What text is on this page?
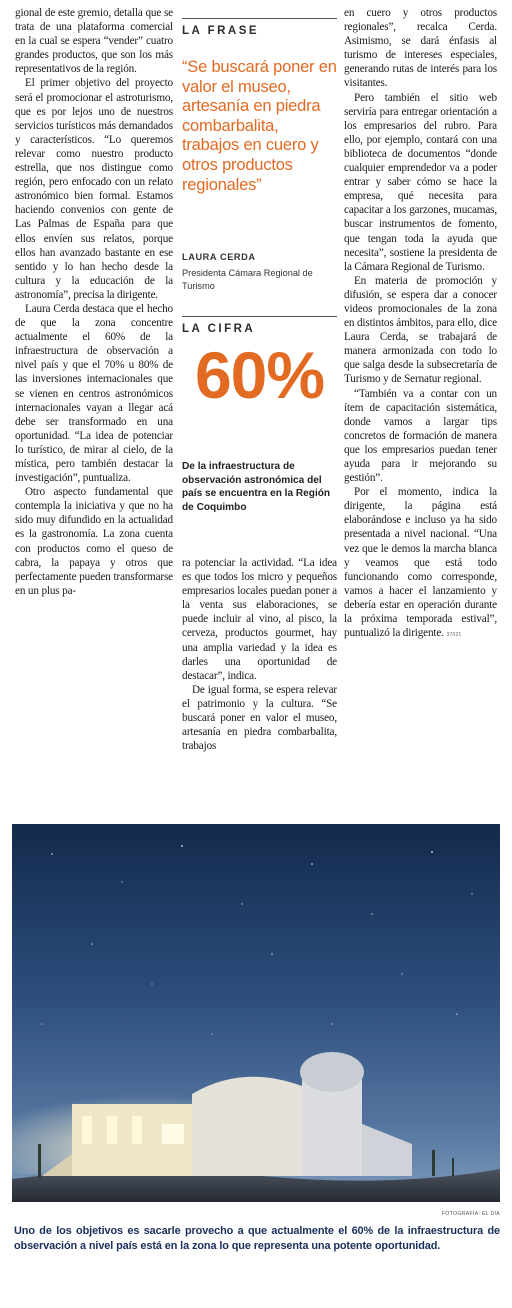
gional de este gremio, detalla que se trata de una plataforma comercial en la cual se espera “vender” cuatro grandes productos, que son los más representativos de la región.

El primer objetivo del proyecto será el promocionar el astroturismo, que es por lejos uno de nuestros servicios turísticos más demandados y característicos. “Lo queremos relevar como nuestro producto estrella, que nos distingue como región, pero enfocado con un relato astronómico bien formal. Estamos haciendo convenios con gente de Las Palmas de España para que ellos envíen sus relatos, porque ellos han avanzado bastante en ese sentido y lo han hecho desde la cultura y la educación de la astronomía”, precisa la dirigente.

Laura Cerda destaca que el hecho de que la zona concentre actualmente el 60% de la infraestructura de observación a nivel país y que el 70% u 80% de las inversiones internacionales que se vienen en centros astronómicos internacionales vayan a llegar acá debe ser transformado en una oportunidad. “La idea de potenciar lo turístico, de mirar al cielo, de la mística, pero también destacar la investigación”, puntualiza.

Otro aspecto fundamental que contempla la iniciativa y que no ha sido muy difundido en la actualidad es la gastronomía. La zona cuenta con productos como el queso de cabra, la papaya y otros que perfectamente pueden transformarse en un plus pa-

LA FRASE
“Se buscará poner en valor el museo, artesanía en piedra combarbalita, trabajos en cuero y otros productos regionales”
LAURA CERDA
Presidenta Cámara Regional de Turismo
LA CIFRA
60%
De la infraestructura de observación astronómica del país se encuentra en la Región de Coquimbo

ra potenciar la actividad. “La idea es que todos los micro y pequeños empresarios locales puedan poner a la venta sus elaboraciones, se puede incluir al vino, al pisco, la cerveza, productos gourmet, hay una amplia variedad y la idea es darles una oportunidad de destacar”, indica.

De igual forma, se espera relevar el patrimonio y la cultura. “Se buscará poner en valor el museo, artesanía en piedra combarbalita, trabajos

en cuero y otros productos regionales”, recalca Cerda. Asimismo, se dará énfasis al turismo de intereses especiales, generando rutas de interés para los visitantes.

Pero también el sitio web serviría para entregar orientación a los empresarios del rubro. Para ello, por ejemplo, contará con una biblioteca de documentos “donde cualquier emprendedor va a poder entrar y saber cómo se hace la empresa, qué necesita para capacitar a los garzones, mucamas, buscar instrumentos de fomento, que tengan toda la ayuda que necesita”, sostiene la presidenta de la Cámara Regional de Turismo.

En materia de promoción y difusión, se espera dar a conocer videos promocionales de la zona en distintos ámbitos, para ello, dice Laura Cerda, se trabajará de manera armonizada con todo lo que salga desde la subsecretaría de Turismo y de Sernatur regional.

“También va a contar con un ítem de capacitación sistemática, donde vamos a largar tips concretos de formación de manera que los empresarios puedan tener ayuda para ir mejorando su gestión”.

Por el momento, indica la dirigente, la página está elaborándose e incluso ya ha sido presentada a nivel nacional. “Una vez que le demos la marcha blanca y veamos que está todo funcionando como corresponde, vamos a hacer el lanzamiento y debería estar en operación durante la próxima temporada estival”, puntualizó la dirigente. 37021

FOTOGRAFÍA: EL DÍA
Uno de los objetivos es sacarle provecho a que actualmente el 60% de la infraestructura de observación a nivel país está en la zona lo que representa una potente oportunidad.
